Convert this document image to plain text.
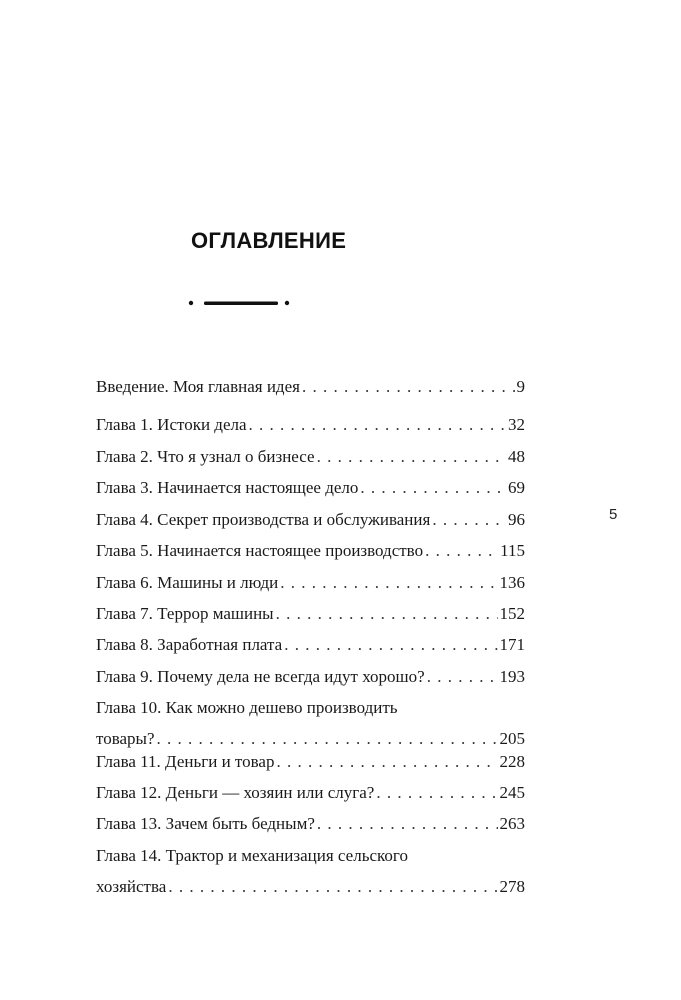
ОГЛАВЛЕНИЕ
5
Введение. Моя главная идея . . .	9
Глава 1. Истоки дела . . .	32
Глава 2. Что я узнал о бизнесе . . .	48
Глава 3. Начинается настоящее дело . . .	69
Глава 4. Секрет производства и обслуживания . . .	96
Глава 5. Начинается настоящее производство . . .	115
Глава 6. Машины и люди . . .	136
Глава 7. Террор машины . . .	152
Глава 8. Заработная плата . . .	171
Глава 9. Почему дела не всегда идут хорошо? . . .	193
Глава 10. Как можно дешево производить
товары? . . .	205
Глава 11. Деньги и товар . . .	228
Глава 12. Деньги — хозяин или слуга? . . .	245
Глава 13. Зачем быть бедным? . . .	263
Глава 14. Трактор и механизация сельского
хозяйства . . .	278
